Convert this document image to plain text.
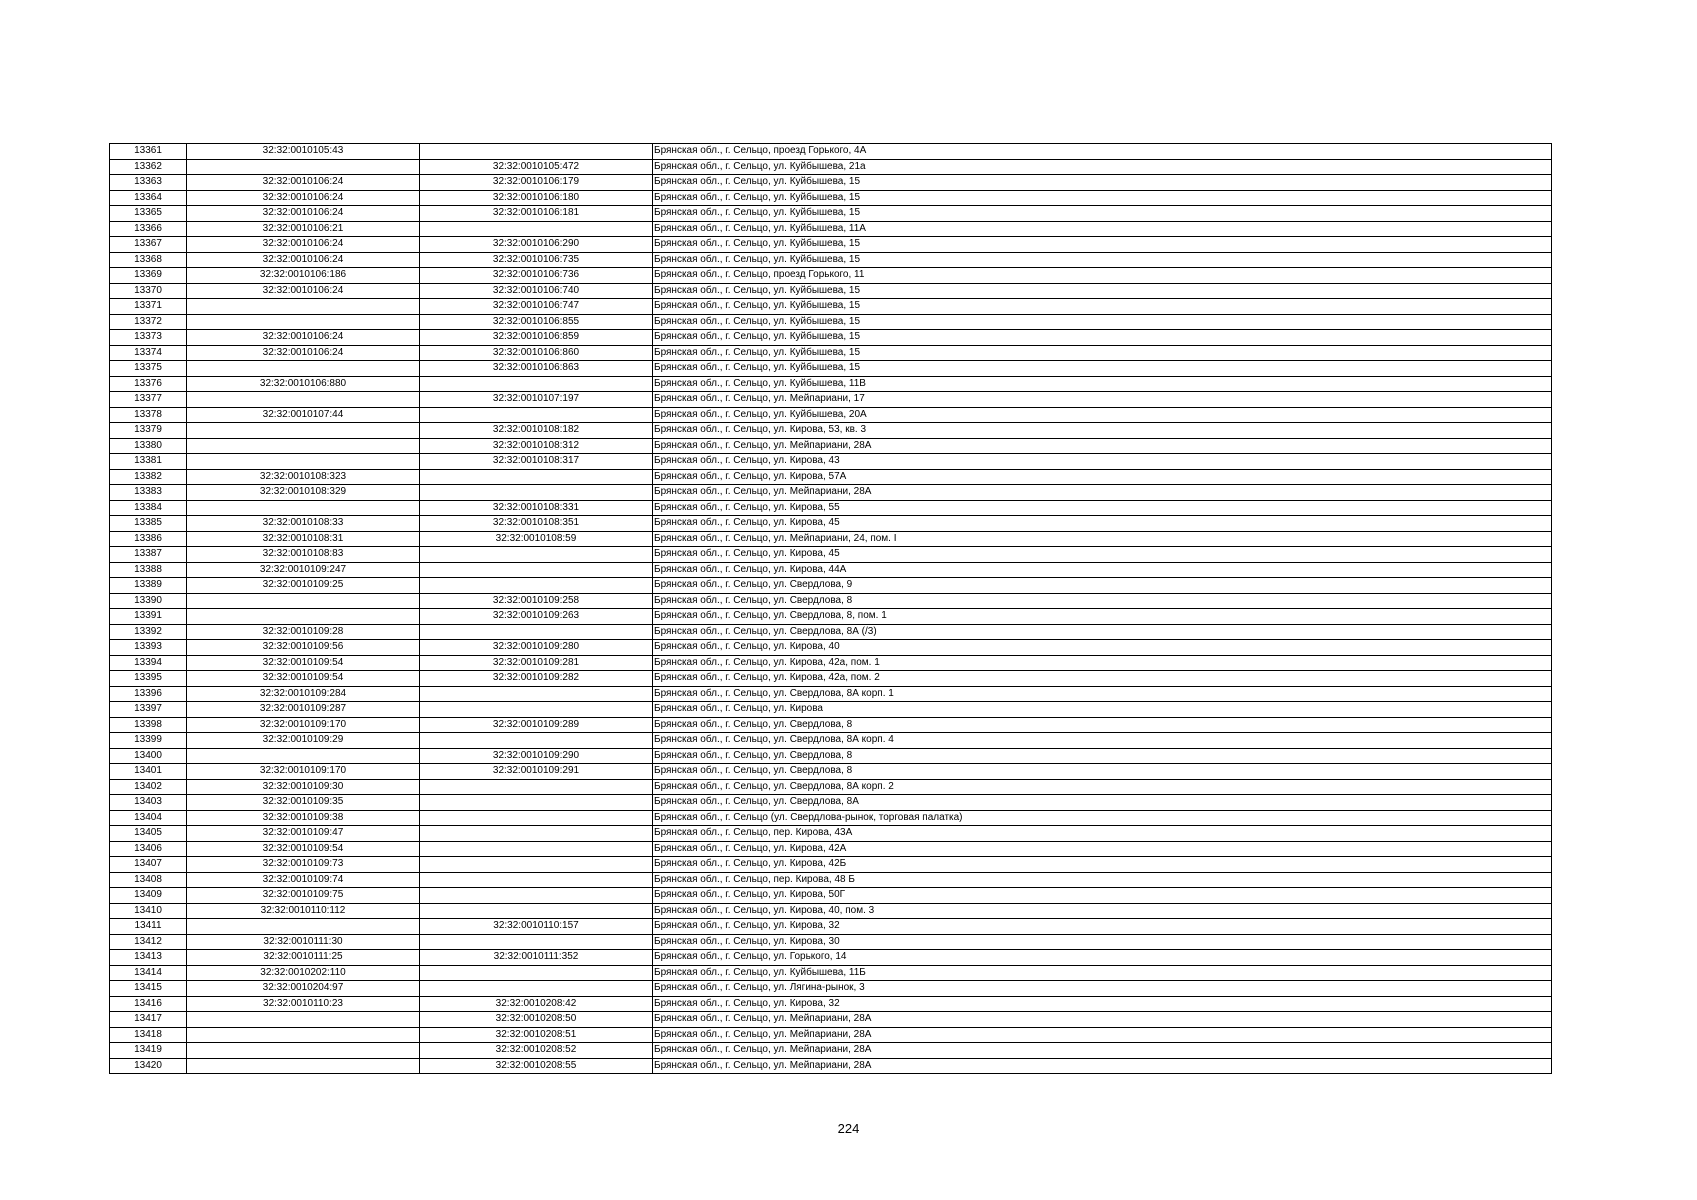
13361	32:32:0010105:43		Брянская обл., г. Сельцо, проезд Горького, 4А
13362		32:32:0010105:472	Брянская обл., г. Сельцо, ул. Куйбышева, 21а
13363	32:32:0010106:24	32:32:0010106:179	Брянская обл., г. Сельцо, ул. Куйбышева, 15
13364	32:32:0010106:24	32:32:0010106:180	Брянская обл., г. Сельцо, ул. Куйбышева, 15
13365	32:32:0010106:24	32:32:0010106:181	Брянская обл., г. Сельцо, ул. Куйбышева, 15
13366	32:32:0010106:21		Брянская обл., г. Сельцо, ул. Куйбышева, 11А
13367	32:32:0010106:24	32:32:0010106:290	Брянская обл., г. Сельцо, ул. Куйбышева, 15
13368	32:32:0010106:24	32:32:0010106:735	Брянская обл., г. Сельцо, ул. Куйбышева, 15
13369	32:32:0010106:186	32:32:0010106:736	Брянская обл., г. Сельцо, проезд Горького, 11
13370	32:32:0010106:24	32:32:0010106:740	Брянская обл., г. Сельцо, ул. Куйбышева, 15
13371		32:32:0010106:747	Брянская обл., г. Сельцо, ул. Куйбышева, 15
13372		32:32:0010106:855	Брянская обл., г. Сельцо, ул. Куйбышева, 15
13373	32:32:0010106:24	32:32:0010106:859	Брянская обл., г. Сельцо, ул. Куйбышева, 15
13374	32:32:0010106:24	32:32:0010106:860	Брянская обл., г. Сельцо, ул. Куйбышева, 15
13375		32:32:0010106:863	Брянская обл., г. Сельцо, ул. Куйбышева, 15
13376	32:32:0010106:880		Брянская обл., г. Сельцо, ул. Куйбышева, 11В
13377		32:32:0010107:197	Брянская обл., г. Сельцо, ул. Мейпариани, 17
13378	32:32:0010107:44		Брянская обл., г. Сельцо, ул. Куйбышева, 20А
13379		32:32:0010108:182	Брянская обл., г. Сельцо, ул. Кирова, 53, кв. 3
13380		32:32:0010108:312	Брянская обл., г. Сельцо, ул. Мейпариани, 28А
13381		32:32:0010108:317	Брянская обл., г. Сельцо, ул. Кирова, 43
13382	32:32:0010108:323		Брянская обл., г. Сельцо, ул. Кирова, 57А
13383	32:32:0010108:329		Брянская обл., г. Сельцо, ул. Мейпариани, 28А
13384		32:32:0010108:331	Брянская обл., г. Сельцо, ул. Кирова, 55
13385	32:32:0010108:33	32:32:0010108:351	Брянская обл., г. Сельцо, ул. Кирова, 45
13386	32:32:0010108:31	32:32:0010108:59	Брянская обл., г. Сельцо, ул. Мейпариани, 24, пом. I
13387	32:32:0010108:83		Брянская обл., г. Сельцо, ул. Кирова, 45
13388	32:32:0010109:247		Брянская обл., г. Сельцо, ул. Кирова, 44А
13389	32:32:0010109:25		Брянская обл., г. Сельцо, ул. Свердлова, 9
13390		32:32:0010109:258	Брянская обл., г. Сельцо, ул. Свердлова, 8
13391		32:32:0010109:263	Брянская обл., г. Сельцо, ул. Свердлова, 8, пом. 1
13392	32:32:0010109:28		Брянская обл., г. Сельцо, ул. Свердлова, 8А (/3)
13393	32:32:0010109:56	32:32:0010109:280	Брянская обл., г. Сельцо, ул. Кирова, 40
13394	32:32:0010109:54	32:32:0010109:281	Брянская обл., г. Сельцо, ул. Кирова, 42а, пом. 1
13395	32:32:0010109:54	32:32:0010109:282	Брянская обл., г. Сельцо, ул. Кирова, 42а, пом. 2
13396	32:32:0010109:284		Брянская обл., г. Сельцо, ул. Свердлова, 8А корп. 1
13397	32:32:0010109:287		Брянская обл., г. Сельцо, ул. Кирова
13398	32:32:0010109:170	32:32:0010109:289	Брянская обл., г. Сельцо, ул. Свердлова, 8
13399	32:32:0010109:29		Брянская обл., г. Сельцо, ул. Свердлова, 8А корп. 4
13400		32:32:0010109:290	Брянская обл., г. Сельцо, ул. Свердлова, 8
13401	32:32:0010109:170	32:32:0010109:291	Брянская обл., г. Сельцо, ул. Свердлова, 8
13402	32:32:0010109:30		Брянская обл., г. Сельцо, ул. Свердлова, 8А корп. 2
13403	32:32:0010109:35		Брянская обл., г. Сельцо, ул. Свердлова, 8А
13404	32:32:0010109:38		Брянская обл., г. Сельцо (ул. Свердлова-рынок, торговая палатка)
13405	32:32:0010109:47		Брянская обл., г. Сельцо, пер. Кирова, 43А
13406	32:32:0010109:54		Брянская обл., г. Сельцо, ул. Кирова, 42А
13407	32:32:0010109:73		Брянская обл., г. Сельцо, ул. Кирова, 42Б
13408	32:32:0010109:74		Брянская обл., г. Сельцо, пер. Кирова, 48 Б
13409	32:32:0010109:75		Брянская обл., г. Сельцо, ул. Кирова, 50Г
13410	32:32:0010110:112		Брянская обл., г. Сельцо, ул. Кирова, 40, пом. 3
13411		32:32:0010110:157	Брянская обл., г. Сельцо, ул. Кирова, 32
13412	32:32:0010111:30		Брянская обл., г. Сельцо, ул. Кирова, 30
13413	32:32:0010111:25	32:32:0010111:352	Брянская обл., г. Сельцо, ул. Горького, 14
13414	32:32:0010202:110		Брянская обл., г. Сельцо, ул. Куйбышева, 11Б
13415	32:32:0010204:97		Брянская обл., г. Сельцо, ул. Лягина-рынок, 3
13416	32:32:0010110:23	32:32:0010208:42	Брянская обл., г. Сельцо, ул. Кирова, 32
13417		32:32:0010208:50	Брянская обл., г. Сельцо, ул. Мейпариани, 28А
13418		32:32:0010208:51	Брянская обл., г. Сельцо, ул. Мейпариани, 28А
13419		32:32:0010208:52	Брянская обл., г. Сельцо, ул. Мейпариани, 28А
13420		32:32:0010208:55	Брянская обл., г. Сельцо, ул. Мейпариани, 28А
224
